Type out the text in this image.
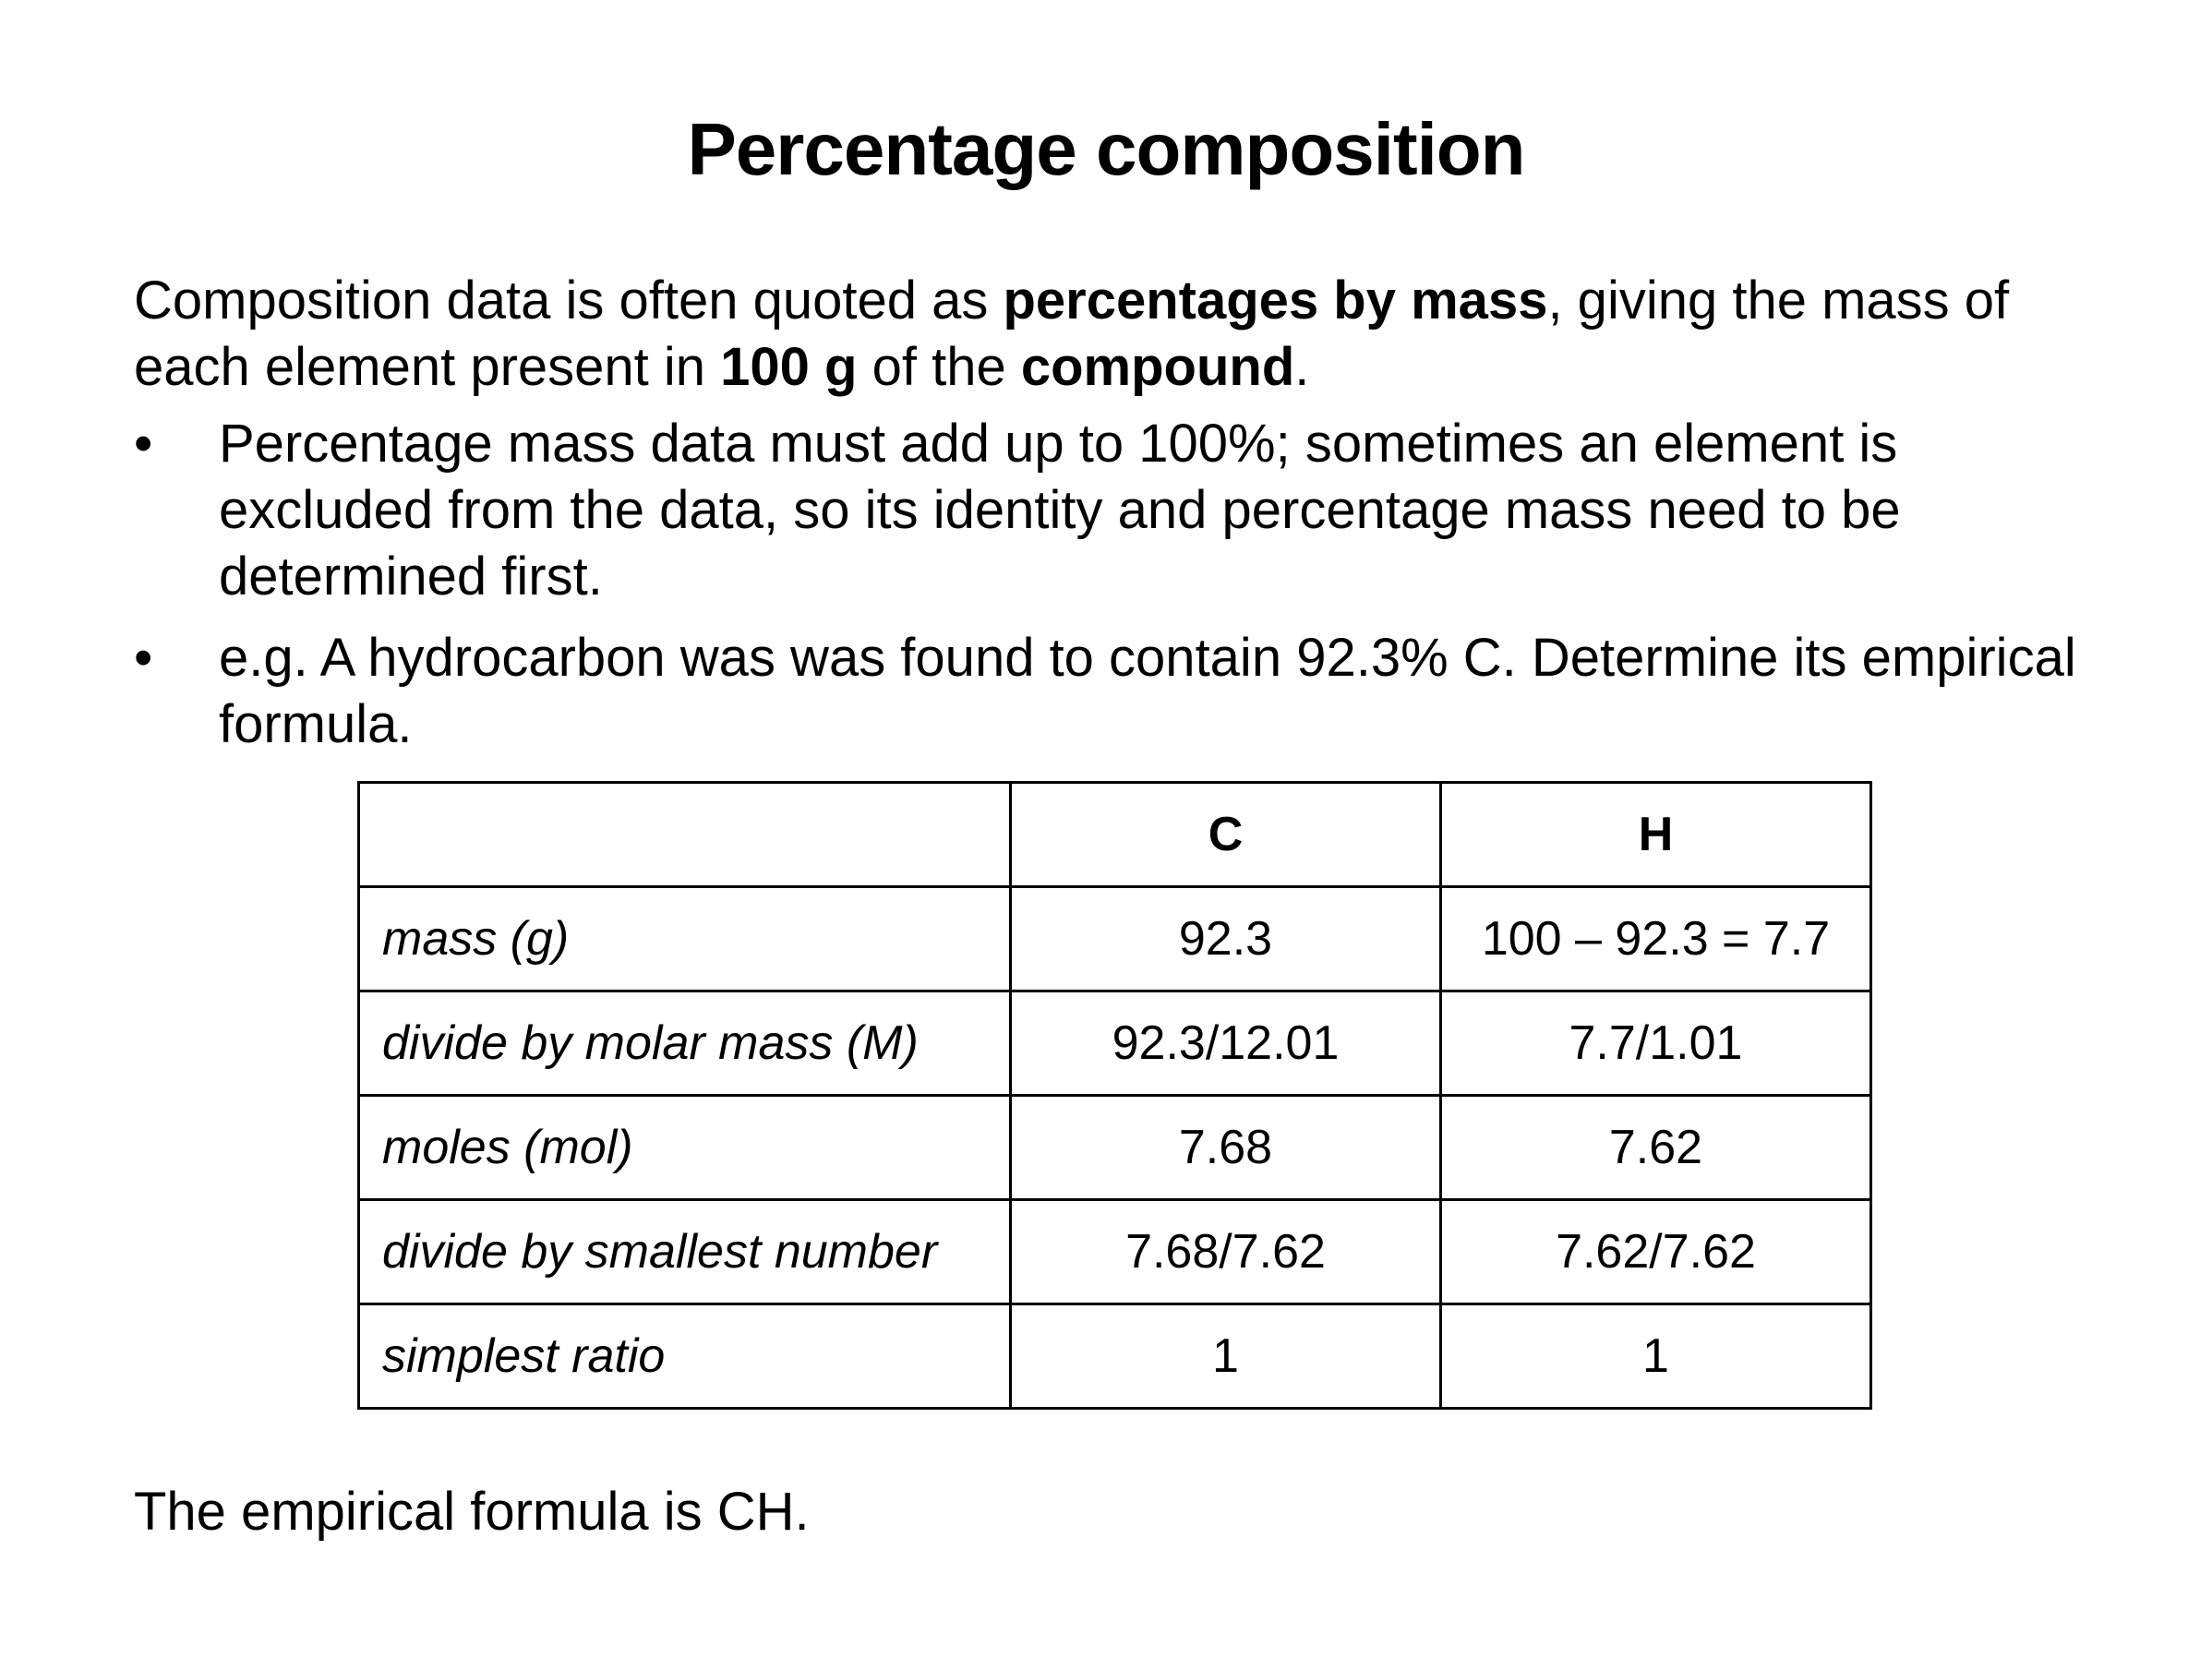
Percentage composition

Composition data is often quoted as percentages by mass, giving the mass of each element present in 100 g of the compound.

•	Percentage mass data must add up to 100%; sometimes an element is excluded from the data, so its identity and percentage mass need to be determined first.
•	e.g. A hydrocarbon was was found to contain 92.3% C. Determine its empirical formula.
	C	H
mass (g)	92.3	100 – 92.3 = 7.7
divide by molar mass (M)	92.3/12.01	7.7/1.01
moles (mol)	7.68	7.62
divide by smallest number	7.68/7.62	7.62/7.62
simplest ratio	1	1

The empirical formula is CH.
